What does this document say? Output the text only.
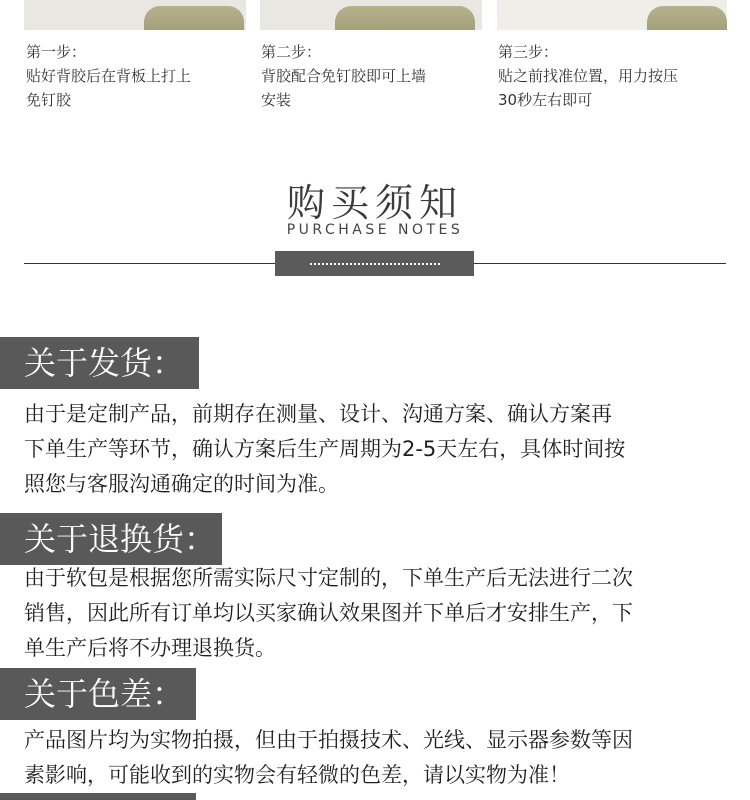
第一步：
贴好背胶后在背板上打上
免钉胶
第二步：
背胶配合免钉胶即可上墙
安装
第三步：
贴之前找准位置，用力按压
30秒左右即可
购买须知
PURCHASE NOTES
关于发货：
由于是定制产品，前期存在测量、设计、沟通方案、确认方案再
下单生产等环节，确认方案后生产周期为2-5天左右，具体时间按
照您与客服沟通确定的时间为准。
关于退换货：
由于软包是根据您所需实际尺寸定制的，下单生产后无法进行二次
销售，因此所有订单均以买家确认效果图并下单后才安排生产，下
单生产后将不办理退换货。
关于色差：
产品图片均为实物拍摄，但由于拍摄技术、光线、显示器参数等因
素影响，可能收到的实物会有轻微的色差，请以实物为准！
